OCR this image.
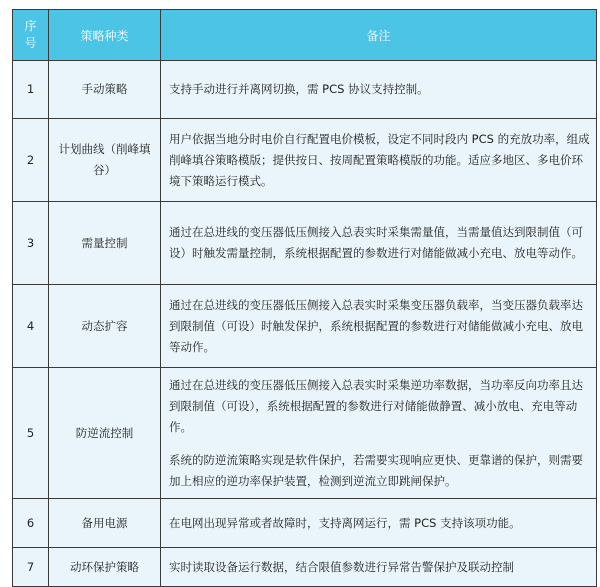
序
号	策略种类	备注
1	手动策略	支持手动进行并离网切换，需 PCS 协议支持控制。

2	计划曲线（削峰填谷）	用户依据当地分时电价自行配置电价模板，设定不同时段内 PCS 的充放功率，组成削峰填谷策略模版；提供按日、按周配置策略模版的功能。适应多地区、多电价环境下策略运行模式。

3	需量控制	通过在总进线的变压器低压侧接入总表实时采集需量值，当需量值达到限制值（可设）时触发需量控制，系统根据配置的参数进行对储能做减小充电、放电等动作。

4	动态扩容	通过在总进线的变压器低压侧接入总表实时采集变压器负载率，当变压器负载率达到限制值（可设）时触发保护，系统根据配置的参数进行对储能做减小充电、放电等动作。

5	防逆流控制	通过在总进线的变压器低压侧接入总表实时采集逆功率数据，当功率反向功率且达到限制值（可设），系统根据配置的参数进行对储能做静置、减小放电、充电等动作。

系统的防逆流策略实现是软件保护，若需要实现响应更快、更靠谱的保护，则需要加上相应的逆功率保护装置，检测到逆流立即跳闸保护。

6	备用电源	在电网出现异常或者故障时，支持离网运行，需 PCS 支持该项功能。

7	动环保护策略	实时读取设备运行数据，结合限值参数进行异常告警保护及联动控制
